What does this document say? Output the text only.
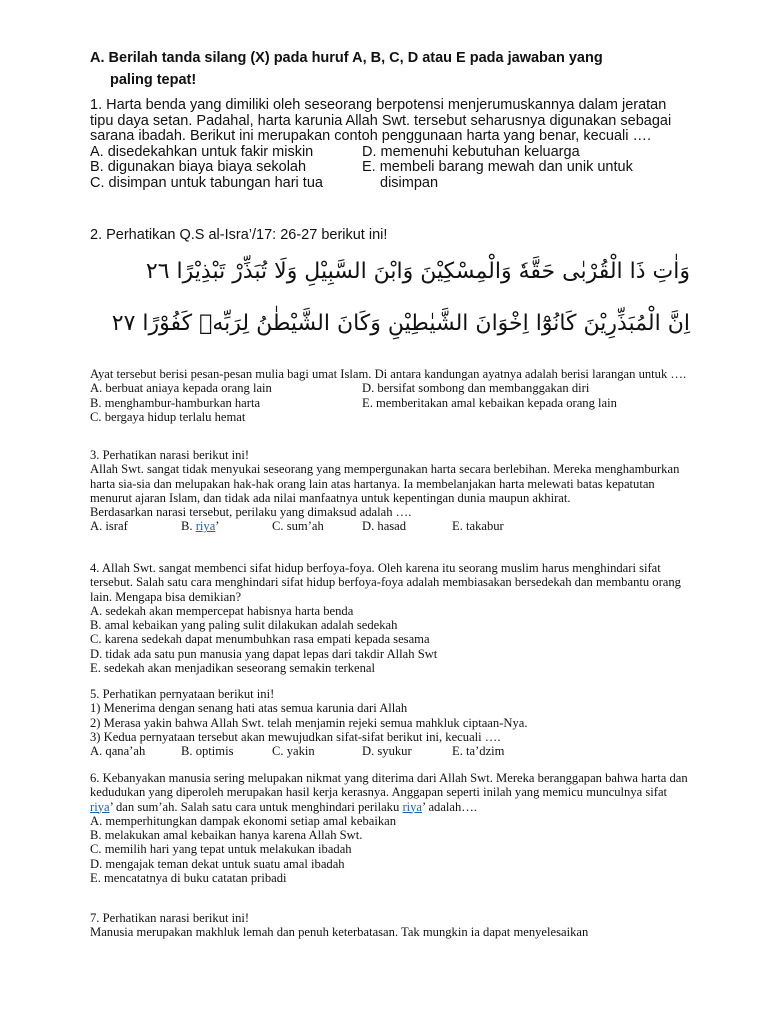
A. Berilah tanda silang (X) pada huruf A, B, C, D atau E pada jawaban yang
paling tepat!
1. Harta benda yang dimiliki oleh seseorang berpotensi menjerumuskannya dalam jeratan tipu daya setan. Padahal, harta karunia Allah Swt. tersebut seharusnya digunakan sebagai sarana ibadah. Berikut ini merupakan contoh penggunaan harta yang benar, kecuali ….
A. disedekahkan untuk fakir miskin	D. memenuhi kebutuhan keluarga
B. digunakan biaya biaya sekolah	E. membeli barang mewah dan unik untuk
C. disimpan untuk tabungan hari tua	disimpan
2. Perhatikan Q.S al-Isra’/17: 26-27 berikut ini!
وَاٰتِ ذَا الْقُرْبٰى حَقَّهٗ وَالْمِسْكِيْنَ وَابْنَ السَّبِيْلِ وَلَا تُبَذِّرْ تَبْذِيْرًا ٢٦
اِنَّ الْمُبَذِّرِيْنَ كَانُوْٓا اِخْوَانَ الشَّيٰطِيْنِ وَكَانَ الشَّيْطٰنُ لِرَبِّهٖ كَفُوْرًا ٢٧
Ayat tersebut berisi pesan-pesan mulia bagi umat Islam. Di antara kandungan ayatnya adalah berisi larangan untuk ….
A. berbuat aniaya kepada orang lain	D. bersifat sombong dan membanggakan diri
B. menghambur-hamburkan harta	E. memberitakan amal kebaikan kepada orang lain
C. bergaya hidup terlalu hemat
3. Perhatikan narasi berikut ini!
Allah Swt. sangat tidak menyukai seseorang yang mempergunakan harta secara berlebihan. Mereka menghamburkan harta sia-sia dan melupakan hak-hak orang lain atas hartanya. Ia membelanjakan harta melewati batas kepatutan menurut ajaran Islam, dan tidak ada nilai manfaatnya untuk kepentingan dunia maupun akhirat.
Berdasarkan narasi tersebut, perilaku yang dimaksud adalah ….
A. israf	B. riya’	C. sum’ah	D. hasad	E. takabur
4. Allah Swt. sangat membenci sifat hidup berfoya-foya. Oleh karena itu seorang muslim harus menghindari sifat tersebut. Salah satu cara menghindari sifat hidup berfoya-foya adalah membiasakan bersedekah dan membantu orang lain. Mengapa bisa demikian?
A. sedekah akan mempercepat habisnya harta benda
B. amal kebaikan yang paling sulit dilakukan adalah sedekah
C. karena sedekah dapat menumbuhkan rasa empati kepada sesama
D. tidak ada satu pun manusia yang dapat lepas dari takdir Allah Swt
E. sedekah akan menjadikan seseorang semakin terkenal
5. Perhatikan pernyataan berikut ini!
1) Menerima dengan senang hati atas semua karunia dari Allah
2) Merasa yakin bahwa Allah Swt. telah menjamin rejeki semua mahkluk ciptaan-Nya.
3) Kedua pernyataan tersebut akan mewujudkan sifat-sifat berikut ini, kecuali ….
A. qana’ah	B. optimis	C. yakin	D. syukur	E. ta’dzim
6. Kebanyakan manusia sering melupakan nikmat yang diterima dari Allah Swt. Mereka beranggapan bahwa harta dan kedudukan yang diperoleh merupakan hasil kerja kerasnya. Anggapan seperti inilah yang memicu munculnya sifat riya’ dan sum’ah. Salah satu cara untuk menghindari perilaku riya’ adalah….
A. memperhitungkan dampak ekonomi setiap amal kebaikan
B. melakukan amal kebaikan hanya karena Allah Swt.
C. memilih hari yang tepat untuk melakukan ibadah
D. mengajak teman dekat untuk suatu amal ibadah
E. mencatatnya di buku catatan pribadi
7. Perhatikan narasi berikut ini!
Manusia merupakan makhluk lemah dan penuh keterbatasan. Tak mungkin ia dapat menyelesaikan
